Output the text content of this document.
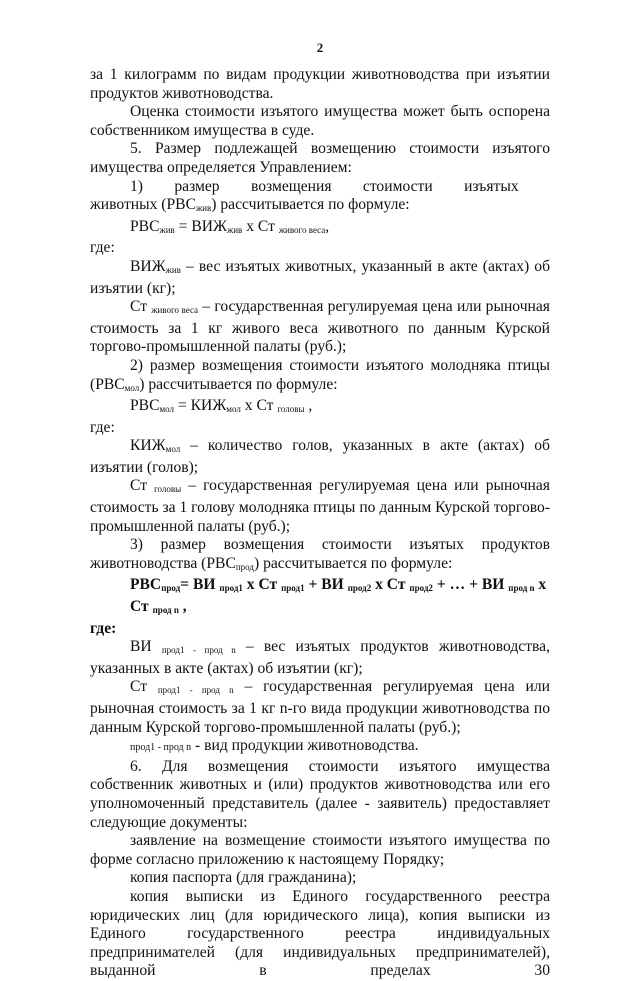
2

за 1 килограмм по видам продукции животноводства при изъятии продуктов животноводства.

Оценка стоимости изъятого имущества может быть оспорена собственником имущества в суде.

5. Размер подлежащей возмещению стоимости изъятого имущества определяется Управлением:

1)  размер  возмещения  стоимости  изъятых  животных $(РВС_{жив})$ рассчитывается по формуле:

$РВС_{жив} = ВИЖ_{жив}$ х Ст $_{живого веса}$,

где:

$ВИЖ_{жив}$ – вес изъятых животных, указанный в акте (актах) об изъятии (кг);

Ст $_{живого веса}$ – государственная регулируемая цена или рыночная стоимость за 1 кг живого веса животного по данным Курской торгово-промышленной палаты (руб.);

2) размер возмещения стоимости изъятого молодняка птицы $(РВС_{мол})$ рассчитывается по формуле:

$РВС_{мол} = КИЖ_{мол}$ х Ст $_{головы}$ ,

где:

$КИЖ_{мол}$ – количество голов, указанных в акте (актах) об изъятии (голов);

Ст $_{головы}$ – государственная регулируемая цена или рыночная стоимость за 1 голову молодняка птицы по данным Курской торгово-промышленной палаты (руб.);

3) размер возмещения стоимости изъятых продуктов животноводства $(РВС_{прод})$ рассчитывается по формуле:

$РВС_{прод}=$ ВИ $_{прод1}$ х Ст $_{прод1}$ + ВИ $_{прод2}$ х Ст $_{прод2}$ + … + ВИ $_{прод n}$ х Ст $_{прод n}$ ,

где:

ВИ $_{прод1 - прод n}$ – вес изъятых продуктов животноводства, указанных в акте (актах) об изъятии (кг);

Ст $_{прод1 - прод n}$ – государственная регулируемая цена или рыночная стоимость за 1 кг n-го вида продукции животноводства по данным Курской торгово-промышленной палаты (руб.);

прод1 - прод n - вид продукции животноводства.

6. Для возмещения стоимости изъятого имущества собственник животных и (или) продуктов животноводства или его уполномоченный представитель (далее - заявитель) предоставляет следующие документы:

заявление на возмещение стоимости изъятого имущества по форме согласно приложению к настоящему Порядку;

копия паспорта (для гражданина);

копия выписки из Единого государственного реестра юридических лиц (для юридического лица), копия выписки из Единого государственного реестра индивидуальных предпринимателей (для индивидуальных предпринимателей), выданной в пределах 30
